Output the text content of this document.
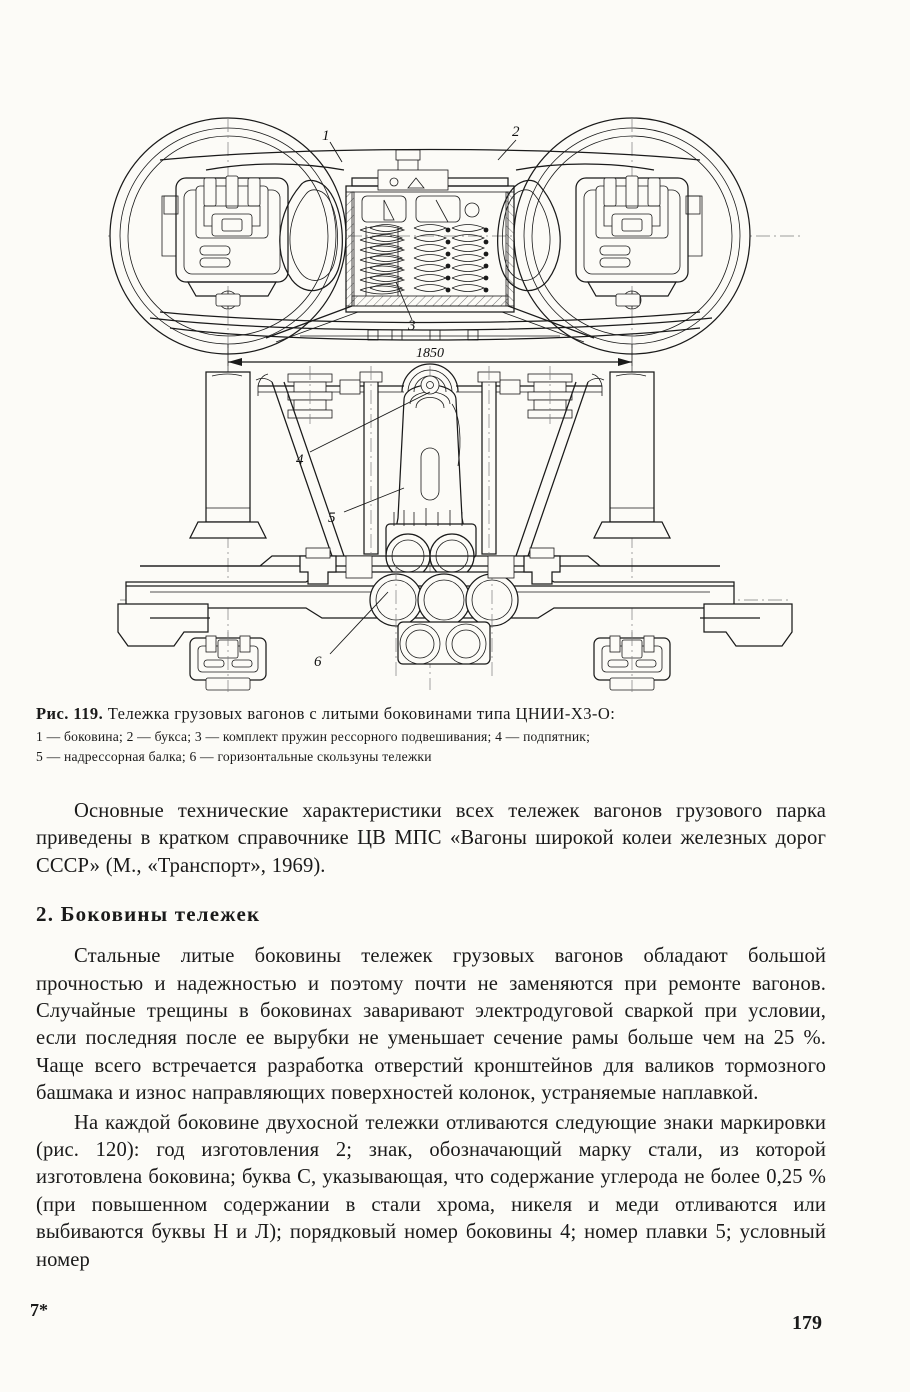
1	2
3
4
5
6
1850
Рис. 119. Тележка грузовых вагонов с литыми боковинами типа ЦНИИ-Х3-О:
1 — боковина; 2 — букса; 3 — комплект пружин рессорного подвешивания; 4 — подпятник;
5 — надрессорная балка; 6 — горизонтальные скользуны тележки

Основные технические характеристики всех тележек вагонов грузового парка приведены в кратком справочнике ЦВ МПС «Вагоны широкой колеи железных дорог СССР» (М., «Транспорт», 1969).

2. Боковины тележек

Стальные литые боковины тележек грузовых вагонов обладают большой прочностью и надежностью и поэтому почти не заменяются при ремонте вагонов. Случайные трещины в боковинах заваривают электродуговой сваркой при условии, если последняя после ее вырубки не уменьшает сечение рамы больше чем на 25 %. Чаще всего встречается разработка отверстий кронштейнов для валиков тормозного башмака и износ направляющих поверхностей колонок, устраняемые наплавкой.

На каждой боковине двухосной тележки отливаются следующие знаки маркировки (рис. 120): год изготовления 2; знак, обозначающий марку стали, из которой изготовлена боковина; буква С, указывающая, что содержание углерода не более 0,25 % (при повышенном содержании в стали хрома, никеля и меди отливаются или выбиваются буквы Н и Л); порядковый номер боковины 4; номер плавки 5; условный номер

7*
179
